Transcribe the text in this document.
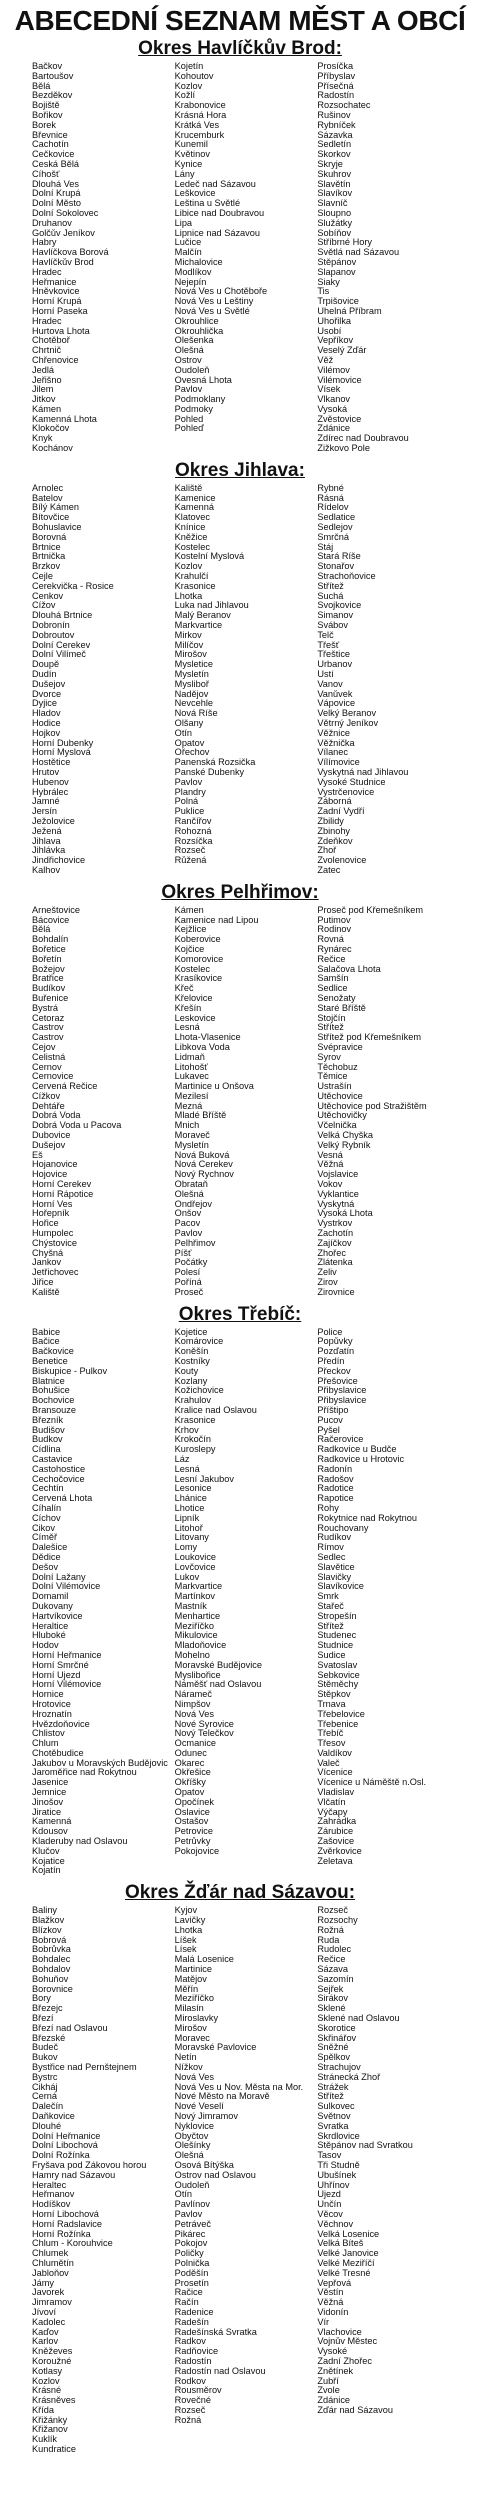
ABECEDNÍ SEZNAM MĚST A OBCÍ
Okres Havlíčkův Brod:
Bačkov
Bartoušov
Bělá
Bezděkov
Bojiště
Bořikov
Borek
Břevnice
Čachotín
Čečkovice
Česká Bělá
Číhošť
Dlouhá Ves
Dolní Krupá
Dolní Město
Dolní Sokolovec
Druhanov
Golčův Jeníkov
Habry
Havlíčkova Borová
Havlíčkův Brod
Hradec
Heřmanice
Hněvkovice
Horní Krupá
Horní Paseka
Hradec
Hurtova Lhota
Chotěboř
Chrtnič
Chřenovice
Jedlá
Jeřišno
Jilem
Jitkov
Kámen
Kamenná Lhota
Klokočov
Knyk
Kochánov
Kojetín
Kohoutov
Kozlov
Kožlí
Krabonovice
Krásná Hora
Krátká Ves
Krucemburk
Kunemil
Květinov
Kynice
Lány
Ledeč nad Sázavou
Leškovice
Leština u Světlé
Libice nad Doubravou
Lipa
Lipnice nad Sázavou
Lučice
Malčín
Michalovice
Modlíkov
Nejepín
Nová Ves u Chotěboře
Nová Ves u Leštiny
Nová Ves u Světlé
Okrouhlice
Okrouhlička
Olešenka
Olešná
Ostrov
Oudoleň
Ovesná Lhota
Pavlov
Podmoklany
Podmoky
Pohled
Pohleď
Prosíčka
Příbyslav
Přísečná
Radostín
Rozsochatec
Rušinov
Rybníček
Sázavka
Sedletín
Skorkov
Skryje
Skuhrov
Slavětín
Slavíkov
Slavníč
Sloupno
Služátky
Sobíňov
Stříbrné Hory
Světlá nad Sázavou
Štěpánov
Šlapanov
Šiaky
Tis
Trpišovice
Uhelná Příbram
Úhořilka
Úsobí
Vepříkov
Veselý Žďár
Věž
Vilémov
Vilémovice
Vísek
Vlkanov
Vysoká
Zvěstovice
Ždánice
Ždírec nad Doubravou
Žižkovo Pole
Okres Jihlava:
Arnolec
Batelov
Bílý Kámen
Bítovčice
Bohuslavice
Borovná
Brtnice
Brtnička
Brzkov
Cejle
Cerekvička - Rosice
Čenkov
Čížov
Dlouhá Brtnice
Dobronín
Dobroutov
Dolní Cerekev
Dolní Vilímeč
Doupě
Dudín
Dušejov
Dvorce
Dyjice
Hladov
Hodice
Hojkov
Horní Dubenky
Horní Myslová
Hostětice
Hrutov
Hubenov
Hybrálec
Jamné
Jersín
Ježolovice
Ježená
Jihlava
Jihlávka
Jindřichovice
Kalhov
Kaliště
Kamenice
Kamenná
Klatovec
Knínice
Kněžice
Kostelec
Kostelní Myslová
Kozlov
Krahulčí
Krasonice
Lhotka
Luka nad Jihlavou
Malý Beranov
Markvartice
Mirkov
Milíčov
Mirošov
Mysletice
Mysletín
Mysliboř
Nadějov
Nevcehle
Nová Říše
Olšany
Otín
Opatov
Ořechov
Panenská Rozsička
Panské Dubenky
Pavlov
Plandry
Polná
Puklice
Rančířov
Rohozná
Rozsíčka
Rozseč
Růžená
Rybné
Řásná
Řídelov
Sedlatice
Sedlejov
Smrčná
Stáj
Stará Říše
Stonařov
Strachoňovice
Střítež
Suchá
Svojkovice
Šimanov
Švábov
Telč
Třešť
Třeštice
Urbanov
Ústí
Vanov
Vanůvek
Vápovice
Velký Beranov
Větrný Jeníkov
Věžnice
Věžnička
Vílanec
Vílímovice
Vyskytná nad Jihlavou
Vysoké Studnice
Vystrčenovice
Záborná
Zadní Vydří
Zbilidy
Zbinohy
Ždeňkov
Zhoř
Zvolenovice
Žatec
Okres Pelhřimov:
Arneštovice
Bácovice
Bělá
Bohdalín
Bořetice
Bořetín
Božejov
Bratřice
Budíkov
Buřenice
Bystrá
Cetoraz
Častrov
Častrov
Čejov
Čelistná
Černov
Černovice
Červená Řečice
Čížkov
Dehtáře
Dobrá Voda
Dobrá Voda u Pacova
Dubovice
Dušejov
Eš
Hojanovice
Hojovice
Horní Cerekev
Horní Rápotice
Horní Ves
Hořepník
Hořice
Humpolec
Chýstovice
Chyšná
Jankov
Jetřichovec
Jiřice
Kaliště
Kámen
Kamenice nad Lipou
Kejžlice
Koberovice
Kojčice
Komorovice
Kostelec
Krasíkovice
Křeč
Křelovice
Křešín
Leskovice
Lesná
Lhota-Vlasenice
Libkova Voda
Lidmaň
Litohošť
Lukavec
Martinice u Onšova
Mezilesí
Mezná
Mladé Bříště
Mnich
Moraveč
Mysletín
Nová Buková
Nová Cerekev
Nový Rychnov
Obrataň
Olešná
Ondřejov
Onšov
Pacov
Pavlov
Pelhřimov
Píšť
Počátky
Polesí
Poříná
Proseč
Proseč pod Křemešníkem
Putimov
Rodinov
Rovná
Rynárec
Řečice
Salačova Lhota
Samšín
Sedlice
Senožaty
Staré Bříště
Stojčín
Střítež
Střítež pod Křemešníkem
Svépravice
Syrov
Těchobuz
Těmice
Ústrašín
Útěchovice
Útěchovice pod Stražištěm
Útěchovičky
Včelnička
Velká Chyška
Velký Rybník
Vesná
Věžná
Vojslavice
Vokov
Vyklantice
Vyskytná
Vysoká Lhota
Vystrkov
Zachotín
Zajíčkov
Zhořec
Žlátenka
Želiv
Žirov
Žirovnice
Okres Třebíč:
Babice
Bačice
Bačkovice
Benetice
Biskupice - Pulkov
Blatnice
Bohušice
Bochovice
Bransouze
Březník
Budišov
Budkov
Čídlina
Častavice
Častohostice
Čechočovice
Čechtín
Červená Lhota
Číhalín
Číchov
Čikov
Číměř
Dalešice
Dědice
Dešov
Dolní Lažany
Dolní Vilémovice
Domamil
Dukovany
Hartvíkovice
Heraltice
Hluboké
Hodov
Horní Heřmanice
Horní Smrčné
Horní Újezd
Horní Vilémovice
Hornice
Hrotovice
Hroznatín
Hvězdoňovice
Chlistov
Chlum
Chotěbudice
Jakubov u Moravských Budějovic
Jaroměřice nad Rokytnou
Jasenice
Jemnice
Jinošov
Jiratice
Kamenná
Kdousov
Kladeruby nad Oslavou
Klučov
Kojatice
Kojatín
Kojetice
Komárovice
Koněšín
Kostníky
Kouty
Kozlany
Kožichovice
Krahulov
Kralice nad Oslavou
Krasonice
Krhov
Krokočín
Kuroslepy
Láz
Lesná
Lesní Jakubov
Lesonice
Lhánice
Lhotice
Lipník
Litohoř
Litovany
Lomy
Loukovice
Lovčovice
Lukov
Markvartice
Martínkov
Mastník
Menhartice
Meziříčko
Mikulovice
Mladoňovice
Mohelno
Moravské Budějovice
Myslibořice
Náměšť nad Oslavou
Nárameč
Nimpšov
Nová Ves
Nové Syrovice
Nový Telečkov
Ocmanice
Odunec
Okarec
Okřešice
Okříšky
Opatov
Opočínek
Oslavice
Ostašov
Petrovice
Petrůvky
Pokojovice
Police
Popůvky
Pozďatín
Předín
Přeckov
Přešovice
Přibyslavice
Přibyslavice
Příštipo
Pucov
Pyšel
Račerovice
Radkovice u Budče
Radkovice u Hrotovic
Radonín
Radošov
Radotice
Rapotice
Rohy
Rokytnice nad Rokytnou
Rouchovany
Rudíkov
Římov
Sedlec
Slavětice
Slavičky
Slavíkovice
Smrk
Stařeč
Stropešín
Střítež
Studenec
Studnice
Sudice
Svatoslav
Šebkovice
Štěměchy
Štěpkov
Trnava
Třebelovice
Třebenice
Třebíč
Třesov
Valdíkov
Valeč
Vícenice
Vícenice u Náměště n.Osl.
Vladislav
Vlčatín
Výčapy
Zahrádka
Zárubice
Zašovice
Zvěrkovice
Želetava
Okres Žďár nad Sázavou:
Baliny
Blažkov
Blízkov
Bobrová
Bobrůvka
Bohdalec
Bohdalov
Bohuňov
Borovnice
Bory
Březejc
Březí
Březí nad Oslavou
Březské
Budeč
Bukov
Bystřice nad Pernštejnem
Bystrc
Cikháj
Černá
Dalečín
Daňkovice
Dlouhé
Dolní Heřmanice
Dolní Libochová
Dolní Rožínka
Fryšava pod Žákovou horou
Hamry nad Sázavou
Heraltec
Heřmanov
Hodíškov
Horní Libochová
Horní Radslavice
Horní Rožínka
Chlum - Korouhvice
Chlumek
Chlumětín
Jabloňov
Jámy
Javorek
Jimramov
Jívoví
Kadolec
Kaďov
Karlov
Kněževes
Koroužné
Kotlasy
Kozlov
Krásné
Krásněves
Křída
Křižánky
Křižanov
Kuklík
Kundratice
Kyjov
Lavičky
Lhotka
Líšek
Lísek
Malá Losenice
Martinice
Matějov
Měřín
Meziříčko
Milasín
Miroslavky
Mirošov
Moravec
Moravské Pavlovice
Netín
Nížkov
Nová Ves
Nová Ves u Nov. Města na Mor.
Nové Město na Moravě
Nové Veselí
Nový Jimramov
Nyklovice
Obyčtov
Olešínky
Olešná
Osová Bítýška
Ostrov nad Oslavou
Oudoleň
Otín
Pavlínov
Pavlov
Petráveč
Pikárec
Pokojov
Poličky
Polnička
Poděšín
Prosetín
Račice
Račín
Radenice
Radešín
Radešínská Svratka
Radkov
Radňovice
Radostín
Radostín nad Oslavou
Rodkov
Rousměrov
Rovečné
Rozseč
Rožná
Rozseč
Rozsochy
Rožná
Ruda
Rudolec
Řečice
Sázava
Sazomín
Sejřek
Sirákov
Sklené
Sklené nad Oslavou
Skorotice
Skřinářov
Sněžné
Spělkov
Strachujov
Stránecká Zhoř
Strážek
Střítež
Sulkovec
Světnov
Svratka
Škrdlovice
Štěpánov nad Svratkou
Tasov
Tři Studně
Ubušínek
Uhřínov
Újezd
Unčín
Věcov
Věchnov
Velká Losenice
Velká Bíteš
Velké Janovice
Velké Meziříčí
Velké Tresné
Vepřová
Věstín
Věžná
Vidonín
Vír
Vlachovice
Vojnův Městec
Vysoké
Zadní Zhořec
Znětínek
Zubří
Zvole
Ždánice
Žďár nad Sázavou
